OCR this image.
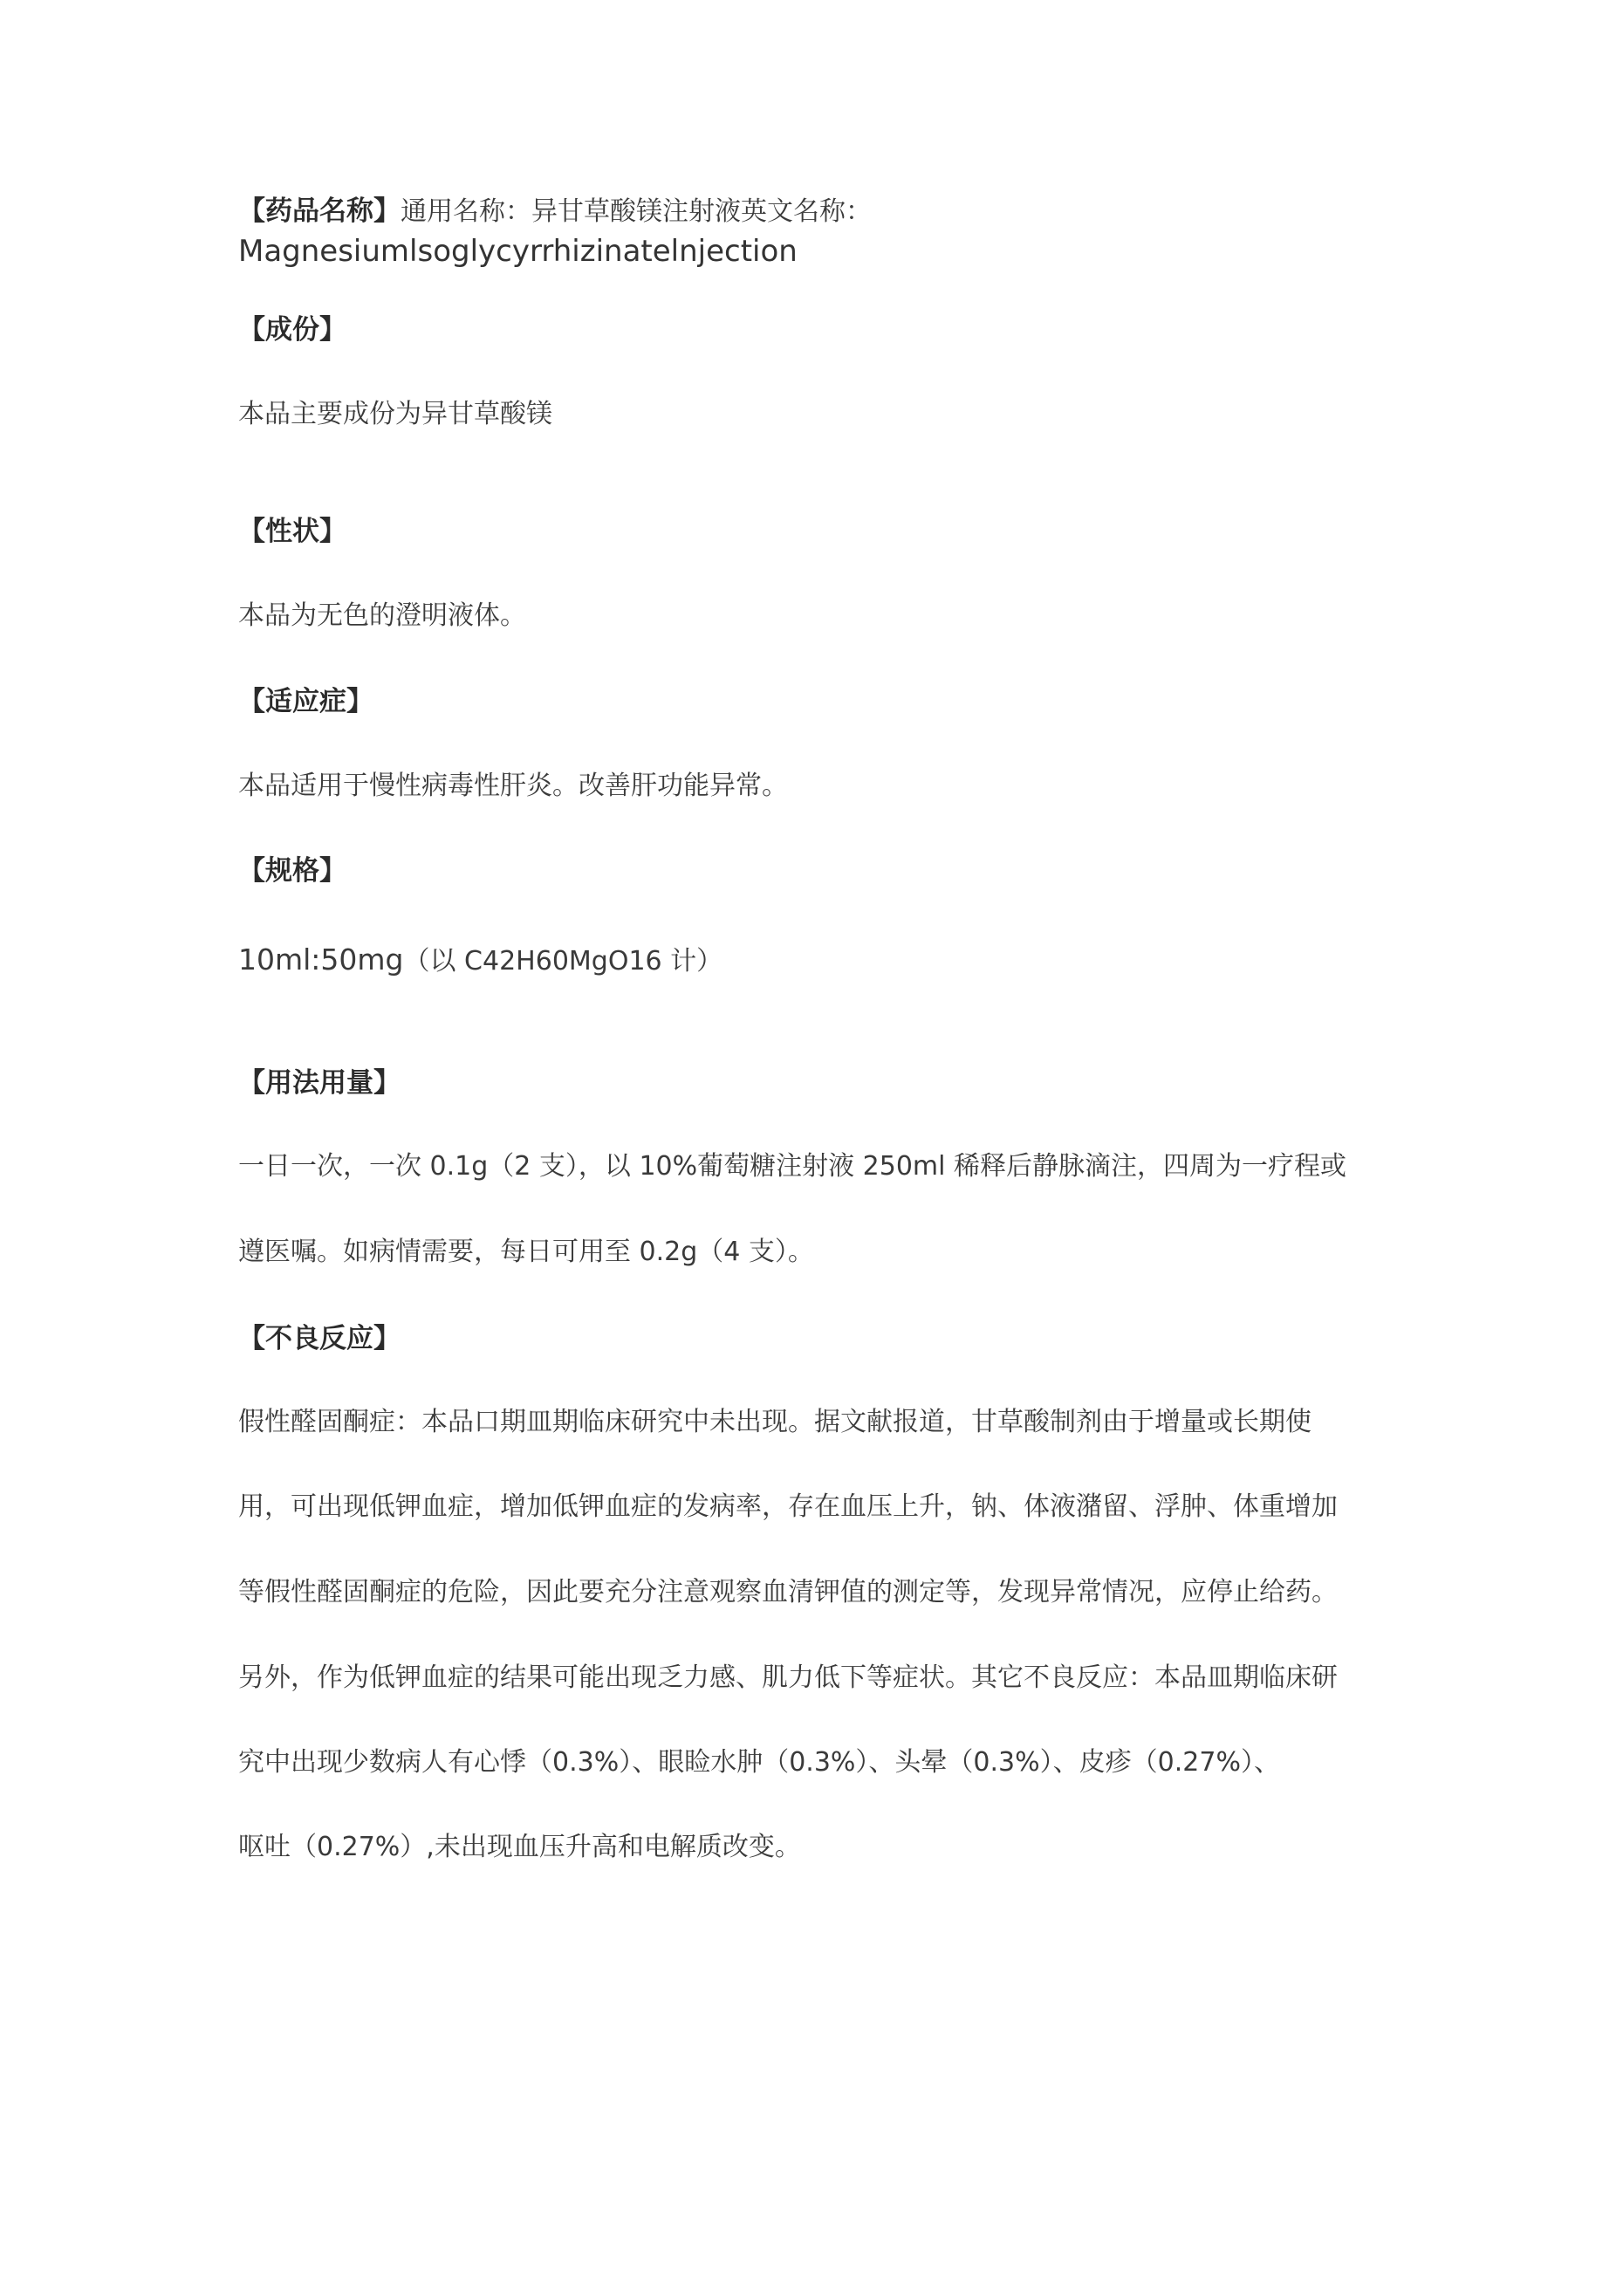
【药品名称】通用名称：异甘草酸镁注射液英文名称：
Magnesiumlsoglycyrrhizinatelnjection
【成份】
本品主要成份为异甘草酸镁
【性状】
本品为无色的澄明液体。
【适应症】
本品适用于慢性病毒性肝炎。改善肝功能异常。
【规格】
10ml:50mg（以 C42H60MgO16 计）
【用法用量】
一日一次，一次 0.1g（2 支），以 10%葡萄糖注射液 250ml 稀释后静脉滴注，四周为一疗程或
遵医嘱。如病情需要，每日可用至 0.2g（4 支）。
【不良反应】
假性醛固酮症：本品口期皿期临床研究中未出现。据文献报道，甘草酸制剂由于增量或长期使
用，可出现低钾血症，增加低钾血症的发病率，存在血压上升，钠、体液潴留、浮肿、体重增加
等假性醛固酮症的危险，因此要充分注意观察血清钾值的测定等，发现异常情况，应停止给药。
另外，作为低钾血症的结果可能出现乏力感、肌力低下等症状。其它不良反应：本品皿期临床研
究中出现少数病人有心悸（0.3%）、眼睑水肿（0.3%）、头晕（0.3%）、皮疹（0.27%）、
呕吐（0.27%）,未出现血压升高和电解质改变。
